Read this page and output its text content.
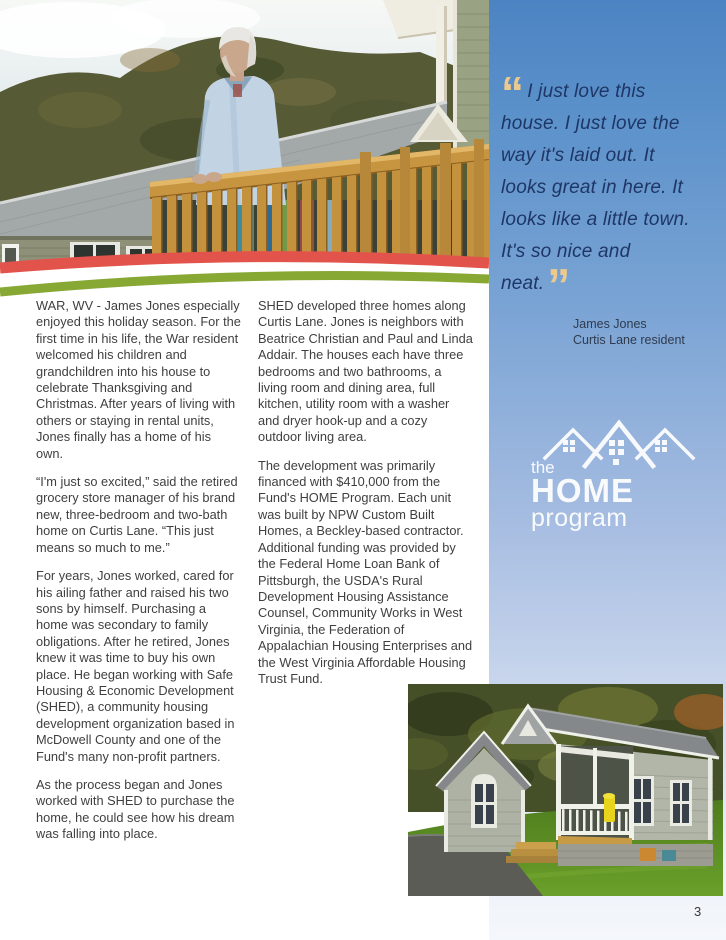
“ I just love this house. I just love the way it's laid out. It looks great in here. It looks like a little town. It's so nice and neat.”
James Jones
Curtis Lane resident
the
HOME
program

WAR, WV - James Jones especially enjoyed this holiday season. For the first time in his life, the War resident welcomed his children and grandchildren into his house to celebrate Thanksgiving and Christmas. After years of living with others or staying in rental units, Jones finally has a home of his own.

“I'm just so excited,” said the retired grocery store manager of his brand new, three-bedroom and two-bath home on Curtis Lane. “This just means so much to me.”

For years, Jones worked, cared for his ailing father and raised his two sons by himself. Purchasing a home was secondary to family obligations. After he retired, Jones knew it was time to buy his own place. He began working with Safe Housing & Economic Development (SHED), a community housing development organization based in McDowell County and one of the Fund's many non-profit partners.

As the process began and Jones worked with SHED to purchase the home, he could see how his dream was falling into place.

SHED developed three homes along Curtis Lane. Jones is neighbors with Beatrice Christian and Paul and Linda Addair. The houses each have three bedrooms and two bathrooms, a living room and dining area, full kitchen, utility room with a washer and dryer hook-up and a cozy outdoor living area.

The development was primarily financed with $410,000 from the Fund's HOME Program. Each unit was built by NPW Custom Built Homes, a Beckley-based contractor. Additional funding was provided by the Federal Home Loan Bank of Pittsburgh, the USDA's Rural Development Housing Assistance Counsel, Community Works in West Virginia, the Federation of Appalachian Housing Enterprises and the West Virginia Affordable Housing Trust Fund.

3
